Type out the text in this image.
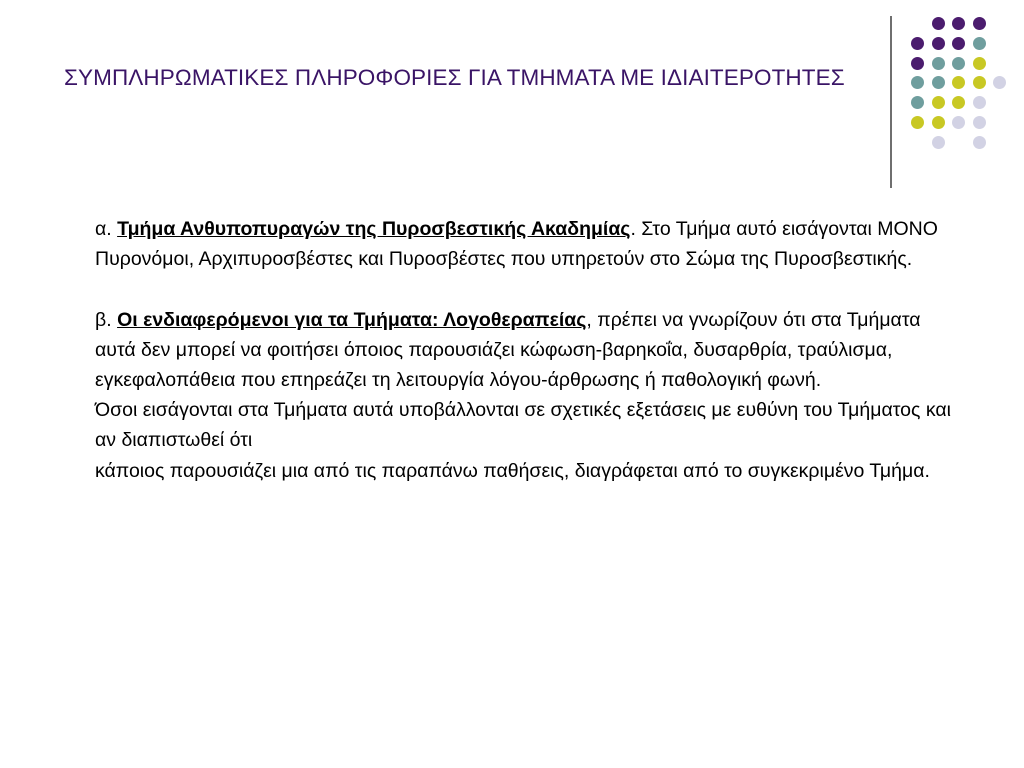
ΣΥΜΠΛΗΡΩΜΑΤΙΚΕΣ ΠΛΗΡΟΦΟΡΙΕΣ ΓΙΑ ΤΜΗΜΑΤΑ ΜΕ ΙΔΙΑΙΤΕΡΟΤΗΤΕΣ

α. Τμήμα Ανθυποπυραγών της Πυροσβεστικής Ακαδημίας. Στο Τμήμα αυτό εισάγονται ΜΟΝΟ Πυρονόμοι, Αρχιπυροσβέστες και Πυροσβέστες που υπηρετούν στο Σώμα της Πυροσβεστικής.

β. Οι ενδιαφερόμενοι για τα Τμήματα: Λογοθεραπείας, πρέπει να γνωρίζουν ότι στα Τμήματα αυτά δεν μπορεί να φοιτήσει όποιος παρουσιάζει κώφωση-βαρηκοΐα, δυσαρθρία, τραύλισμα, εγκεφαλοπάθεια που επηρεάζει τη λειτουργία λόγου-άρθρωσης ή παθολογική φωνή.

Όσοι εισάγονται στα Τμήματα αυτά υποβάλλονται σε σχετικές εξετάσεις με ευθύνη του Τμήματος και αν διαπιστωθεί ότι

κάποιος παρουσιάζει μια από τις παραπάνω παθήσεις, διαγράφεται από το συγκεκριμένο Τμήμα.
